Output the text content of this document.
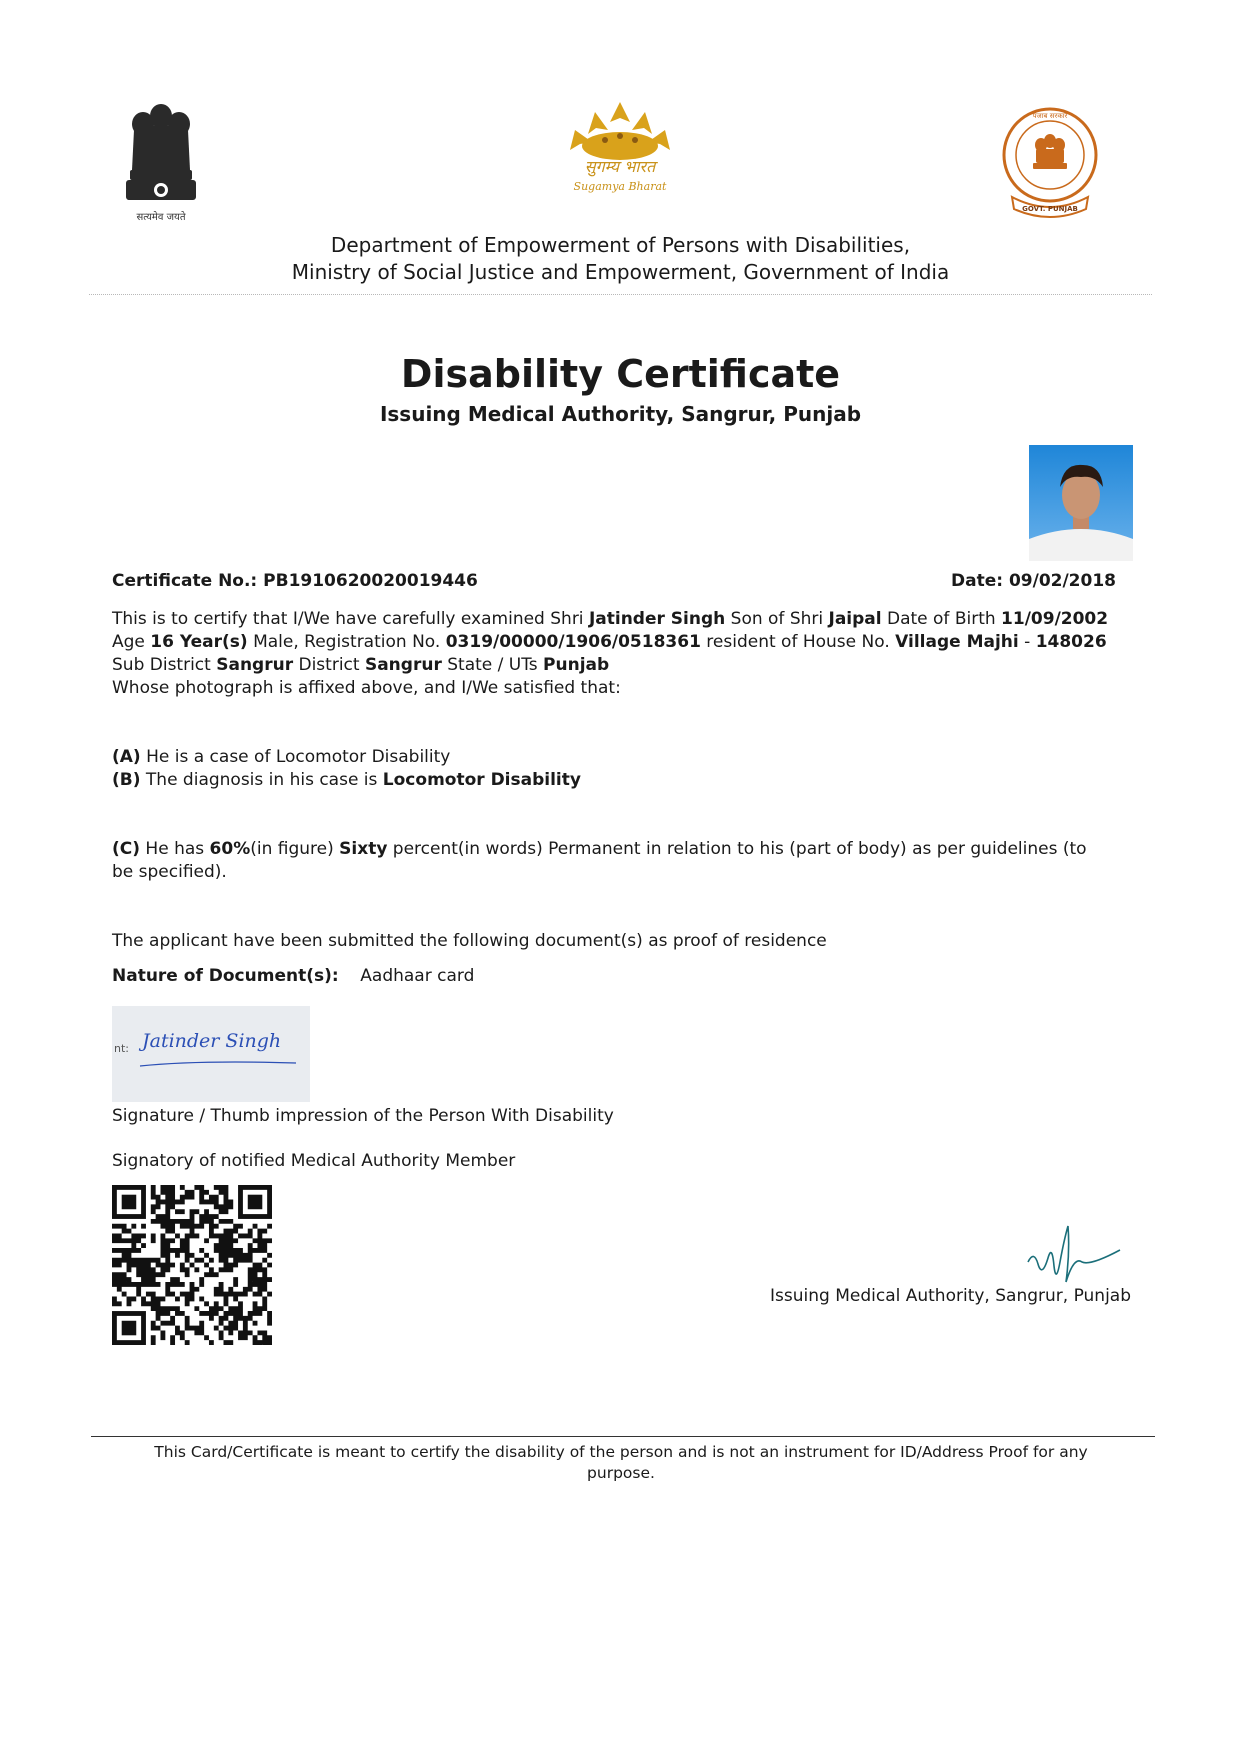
सत्यमेव जयते
सुगम्य भारत
Sugamya Bharat
पंजाब सरकार
GOVT. PUNJAB
Department of Empowerment of Persons with Disabilities,
Ministry of Social Justice and Empowerment, Government of India
Disability Certificate
Issuing Medical Authority, Sangrur, Punjab
Certificate No.: PB1910620020019446	Date: 09/02/2018
This is to certify that I/We have carefully examined Shri Jatinder Singh Son of Shri Jaipal Date of Birth 11/09/2002
Age 16 Year(s) Male, Registration No. 0319/00000/1906/0518361 resident of House No. Village Majhi - 148026
Sub District Sangrur District Sangrur State / UTs Punjab
Whose photograph is affixed above, and I/We satisfied that:
(A) He is a case of Locomotor Disability
(B) The diagnosis in his case is Locomotor Disability
(C) He has 60%(in figure) Sixty percent(in words) Permanent in relation to his (part of body) as per guidelines (to
be specified).
The applicant have been submitted the following document(s) as proof of residence
Nature of Document(s): Aadhaar card
nt: Jatinder Singh
Signature / Thumb impression of the Person With Disability
Signatory of notified Medical Authority Member
Issuing Medical Authority, Sangrur, Punjab
This Card/Certificate is meant to certify the disability of the person and is not an instrument for ID/Address Proof for any
purpose.
